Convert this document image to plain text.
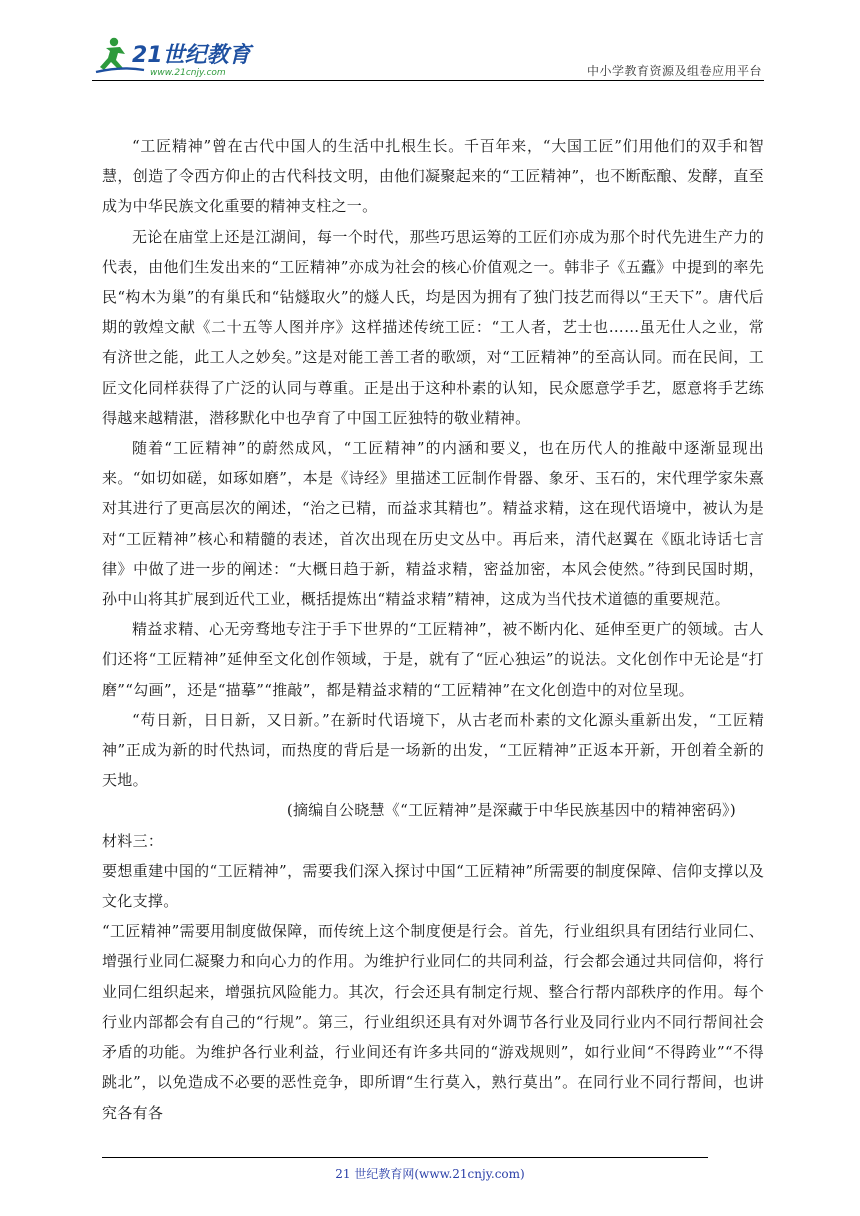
21世纪教育
www.21cnjy.com	中小学教育资源及组卷应用平台

“工匠精神”曾在古代中国人的生活中扎根生长。千百年来，“大国工匠”们用他们的双手和智慧，创造了令西方仰止的古代科技文明，由他们凝聚起来的“工匠精神”，也不断酝酿、发酵，直至成为中华民族文化重要的精神支柱之一。

无论在庙堂上还是江湖间，每一个时代，那些巧思运筹的工匠们亦成为那个时代先进生产力的代表，由他们生发出来的“工匠精神”亦成为社会的核心价值观之一。韩非子《五蠹》中提到的率先民“构木为巢”的有巢氏和“钻燧取火”的燧人氏，均是因为拥有了独门技艺而得以“王天下”。唐代后期的敦煌文献《二十五等人图并序》这样描述传统工匠：“工人者，艺士也……虽无仕人之业，常有济世之能，此工人之妙矣。”这是对能工善工者的歌颂，对“工匠精神”的至高认同。而在民间，工匠文化同样获得了广泛的认同与尊重。正是出于这种朴素的认知，民众愿意学手艺，愿意将手艺练得越来越精湛，潜移默化中也孕育了中国工匠独特的敬业精神。

随着“工匠精神”的蔚然成风，“工匠精神”的内涵和要义，也在历代人的推敲中逐渐显现出来。“如切如磋，如琢如磨”，本是《诗经》里描述工匠制作骨器、象牙、玉石的，宋代理学家朱熹对其进行了更高层次的阐述，“治之已精，而益求其精也”。精益求精，这在现代语境中，被认为是对“工匠精神”核心和精髓的表述，首次出现在历史文丛中。再后来，清代赵翼在《瓯北诗话七言律》中做了进一步的阐述：“大概日趋于新，精益求精，密益加密，本风会使然。”待到民国时期，孙中山将其扩展到近代工业，概括提炼出“精益求精”精神，这成为当代技术道德的重要规范。

精益求精、心无旁骛地专注于手下世界的“工匠精神”，被不断内化、延伸至更广的领域。古人们还将“工匠精神”延伸至文化创作领域，于是，就有了“匠心独运”的说法。文化创作中无论是“打磨”“勾画”，还是“描摹”“推敲”，都是精益求精的“工匠精神”在文化创造中的对位呈现。

“苟日新，日日新，又日新。”在新时代语境下，从古老而朴素的文化源头重新出发，“工匠精神”正成为新的时代热词，而热度的背后是一场新的出发，“工匠精神”正返本开新，开创着全新的天地。

(摘编自公晓慧《“工匠精神”是深藏于中华民族基因中的精神密码》)

材料三：

要想重建中国的“工匠精神”，需要我们深入探讨中国“工匠精神”所需要的制度保障、信仰支撑以及文化支撑。

“工匠精神”需要用制度做保障，而传统上这个制度便是行会。首先，行业组织具有团结行业同仁、增强行业同仁凝聚力和向心力的作用。为维护行业同仁的共同利益，行会都会通过共同信仰，将行业同仁组织起来，增强抗风险能力。其次，行会还具有制定行规、整合行帮内部秩序的作用。每个行业内部都会有自己的“行规”。第三，行业组织还具有对外调节各行业及同行业内不同行帮间社会矛盾的功能。为维护各行业利益，行业间还有许多共同的“游戏规则”，如行业间“不得跨业”“不得跳北”，以免造成不必要的恶性竞争，即所谓“生行莫入，熟行莫出”。在同行业不同行帮间，也讲究各有各

21 世纪教育网(www.21cnjy.com)
